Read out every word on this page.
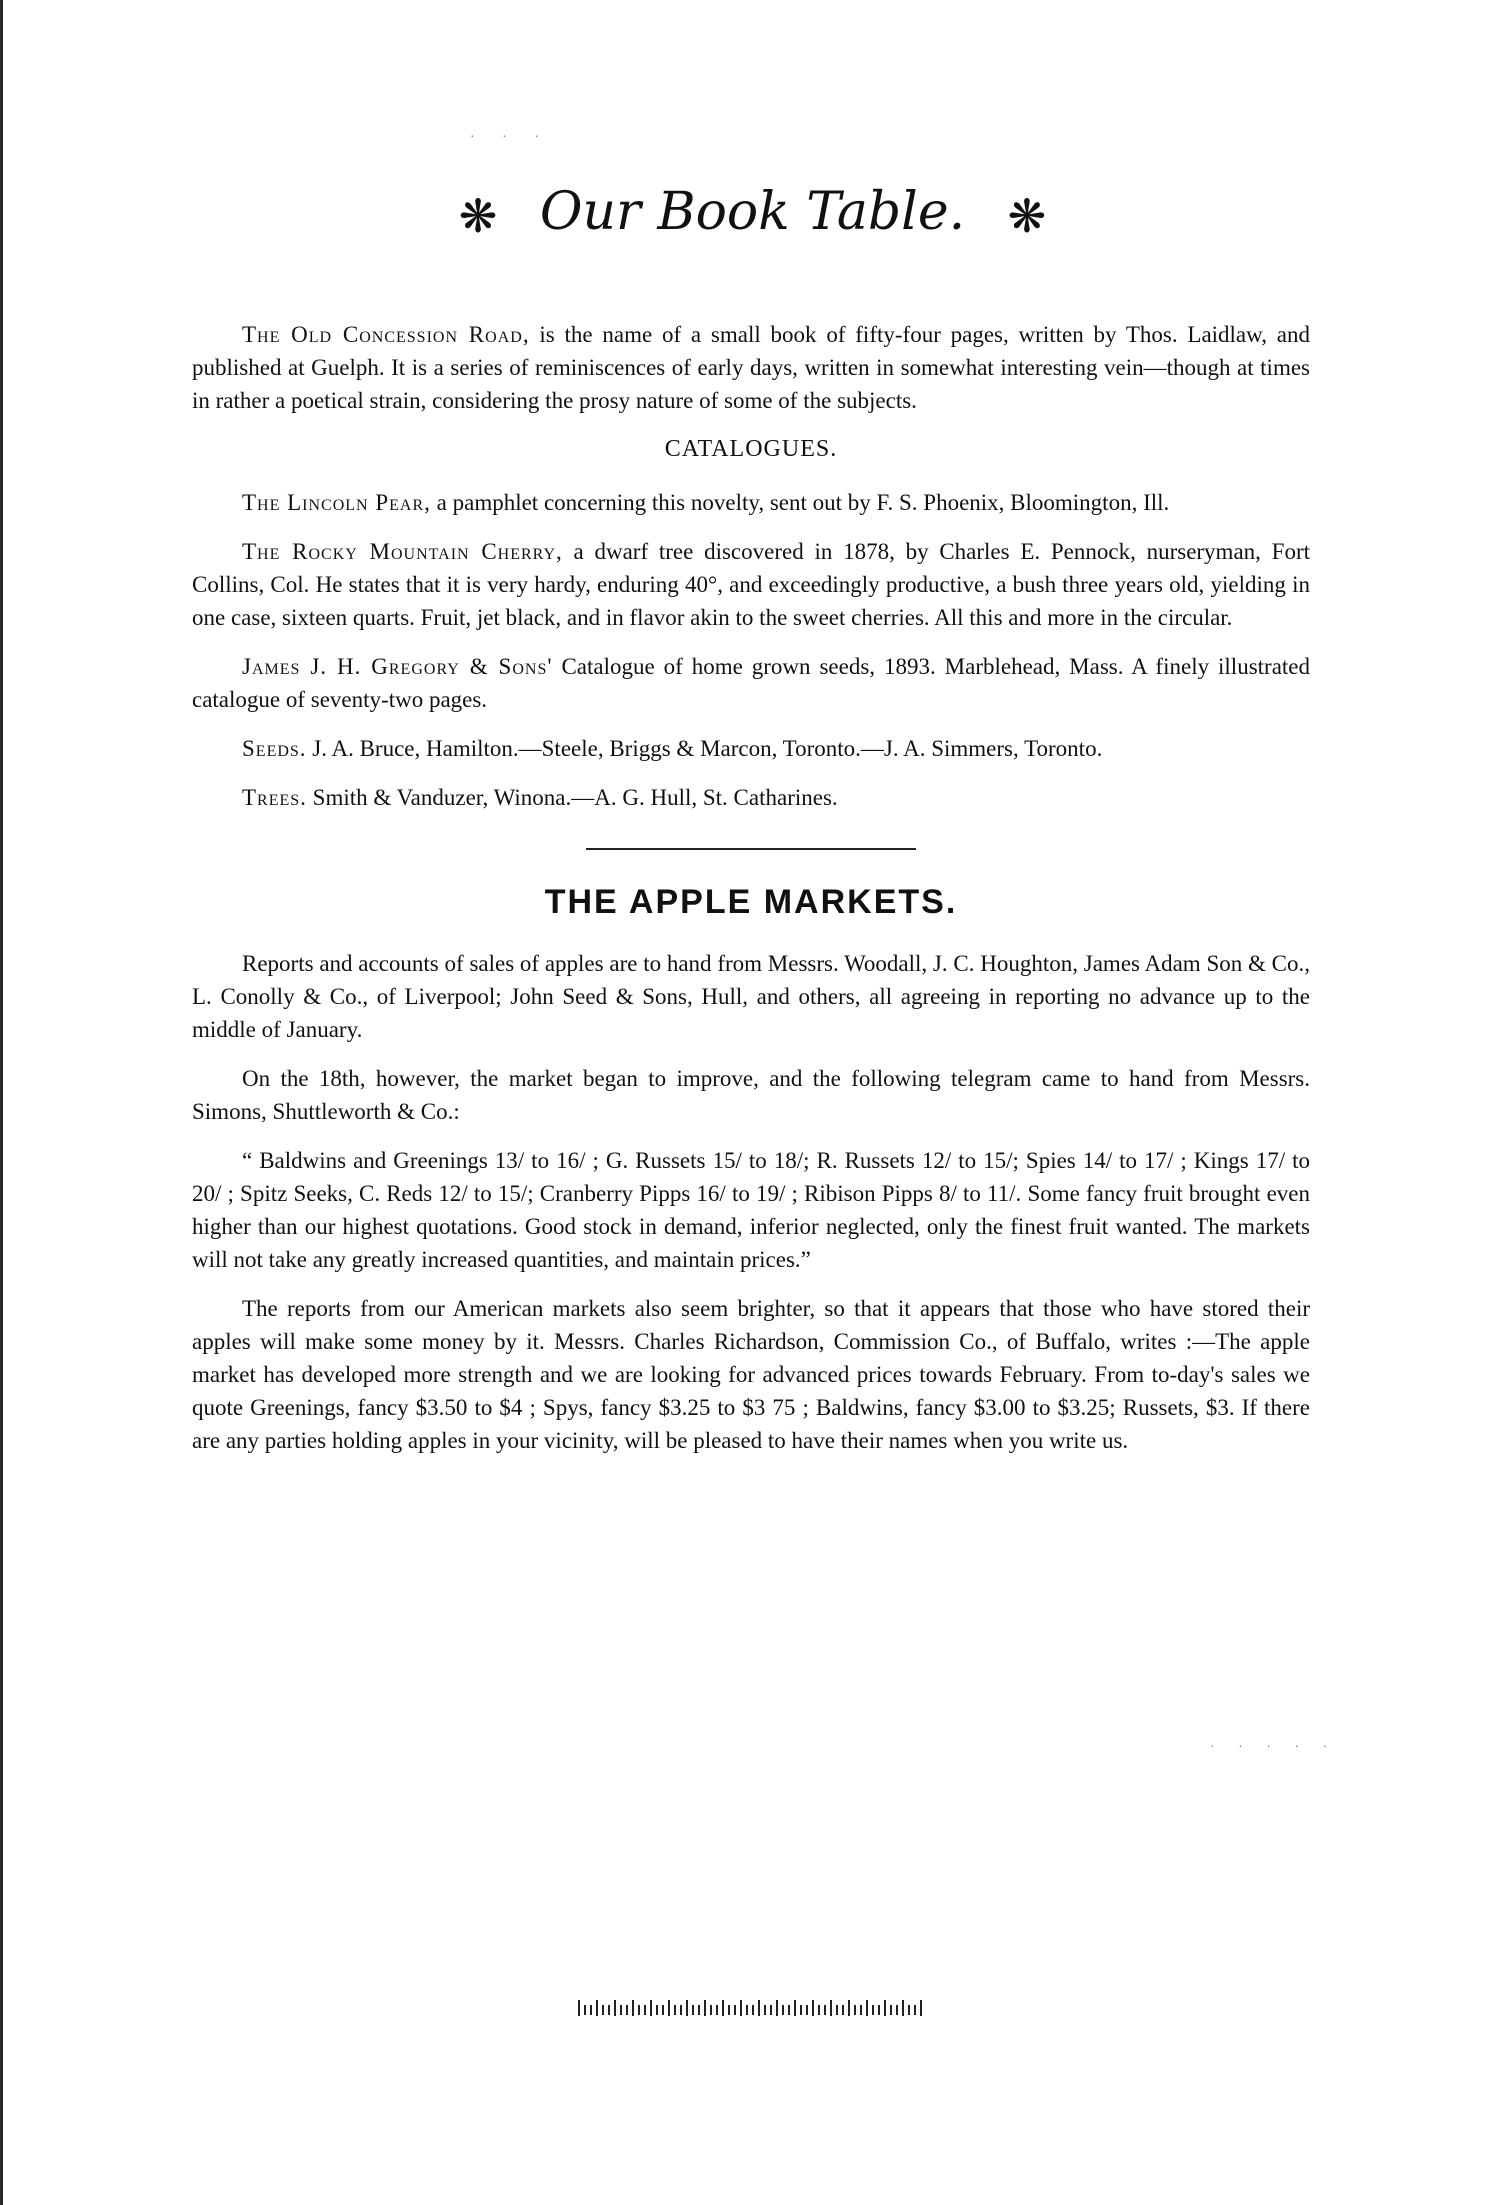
· · ·
❋ Our Book Table. ❋

The Old Concession Road, is the name of a small book of fifty-four pages, written by Thos. Laidlaw, and published at Guelph. It is a series of reminiscences of early days, written in somewhat interesting vein—though at times in rather a poetical strain, considering the prosy nature of some of the subjects.

CATALOGUES.

The Lincoln Pear, a pamphlet concerning this novelty, sent out by F. S. Phoenix, Bloomington, Ill.

The Rocky Mountain Cherry, a dwarf tree discovered in 1878, by Charles E. Pennock, nurseryman, Fort Collins, Col. He states that it is very hardy, enduring 40°, and exceedingly productive, a bush three years old, yielding in one case, sixteen quarts. Fruit, jet black, and in flavor akin to the sweet cherries. All this and more in the circular.

James J. H. Gregory & Sons' Catalogue of home grown seeds, 1893. Marblehead, Mass. A finely illustrated catalogue of seventy-two pages.

Seeds. J. A. Bruce, Hamilton.—Steele, Briggs & Marcon, Toronto.—J. A. Simmers, Toronto.

Trees. Smith & Vanduzer, Winona.—A. G. Hull, St. Catharines.

THE APPLE MARKETS.

Reports and accounts of sales of apples are to hand from Messrs. Woodall, J. C. Houghton, James Adam Son & Co., L. Conolly & Co., of Liverpool; John Seed & Sons, Hull, and others, all agreeing in reporting no advance up to the middle of January.

On the 18th, however, the market began to improve, and the following telegram came to hand from Messrs. Simons, Shuttleworth & Co.:

“ Baldwins and Greenings 13/ to 16/ ; G. Russets 15/ to 18/; R. Russets 12/ to 15/; Spies 14/ to 17/ ; Kings 17/ to 20/ ; Spitz Seeks, C. Reds 12/ to 15/; Cranberry Pipps 16/ to 19/ ; Ribison Pipps 8/ to 11/. Some fancy fruit brought even higher than our highest quotations. Good stock in demand, inferior neglected, only the finest fruit wanted. The markets will not take any greatly increased quantities, and maintain prices.”

The reports from our American markets also seem brighter, so that it appears that those who have stored their apples will make some money by it. Messrs. Charles Richardson, Commission Co., of Buffalo, writes :—The apple market has developed more strength and we are looking for advanced prices towards February. From to-day's sales we quote Greenings, fancy $3.50 to $4 ; Spys, fancy $3.25 to $3 75 ; Baldwins, fancy $3.00 to $3.25; Russets, $3. If there are any parties holding apples in your vicinity, will be pleased to have their names when you write us.

· · · · ·
